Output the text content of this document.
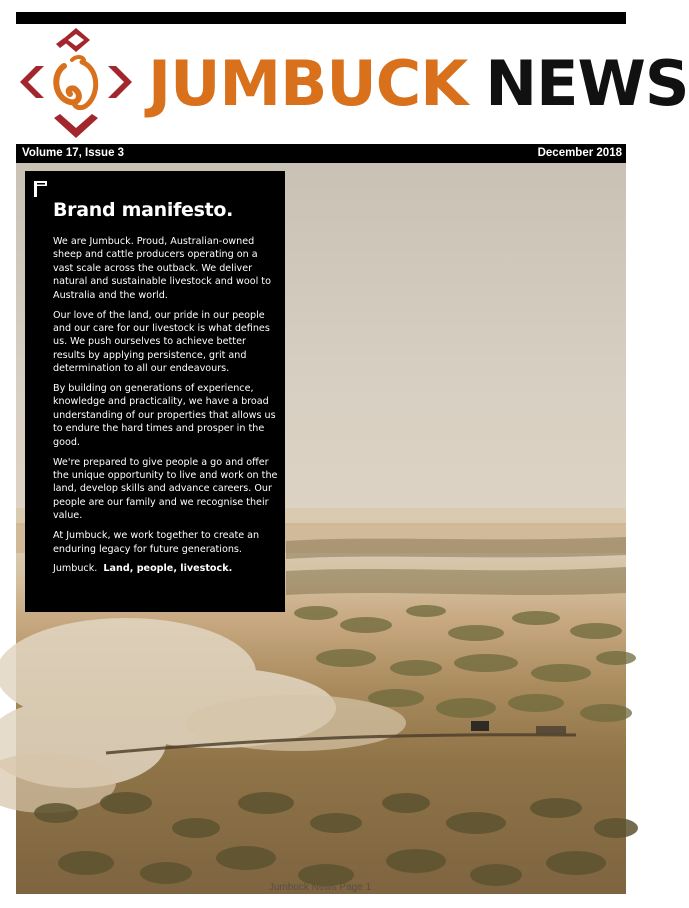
JUMBUCK NEWS
Volume 17, Issue 3	December 2018
Brand manifesto.

We are Jumbuck. Proud, Australian-owned sheep and cattle producers operating on a vast scale across the outback. We deliver natural and sustainable livestock and wool to Australia and the world.

Our love of the land, our pride in our people and our care for our livestock is what defines us. We push ourselves to achieve better results by applying persistence, grit and determination to all our endeavours.

By building on generations of experience, knowledge and practicality, we have a broad understanding of our properties that allows us to endure the hard times and prosper in the good.

We're prepared to give people a go and offer the unique opportunity to live and work on the land, develop skills and advance careers. Our people are our family and we recognise their value.

At Jumbuck, we work together to create an enduring legacy for future generations.

Jumbuck. Land, people, livestock.

Jumbuck News Page 1
